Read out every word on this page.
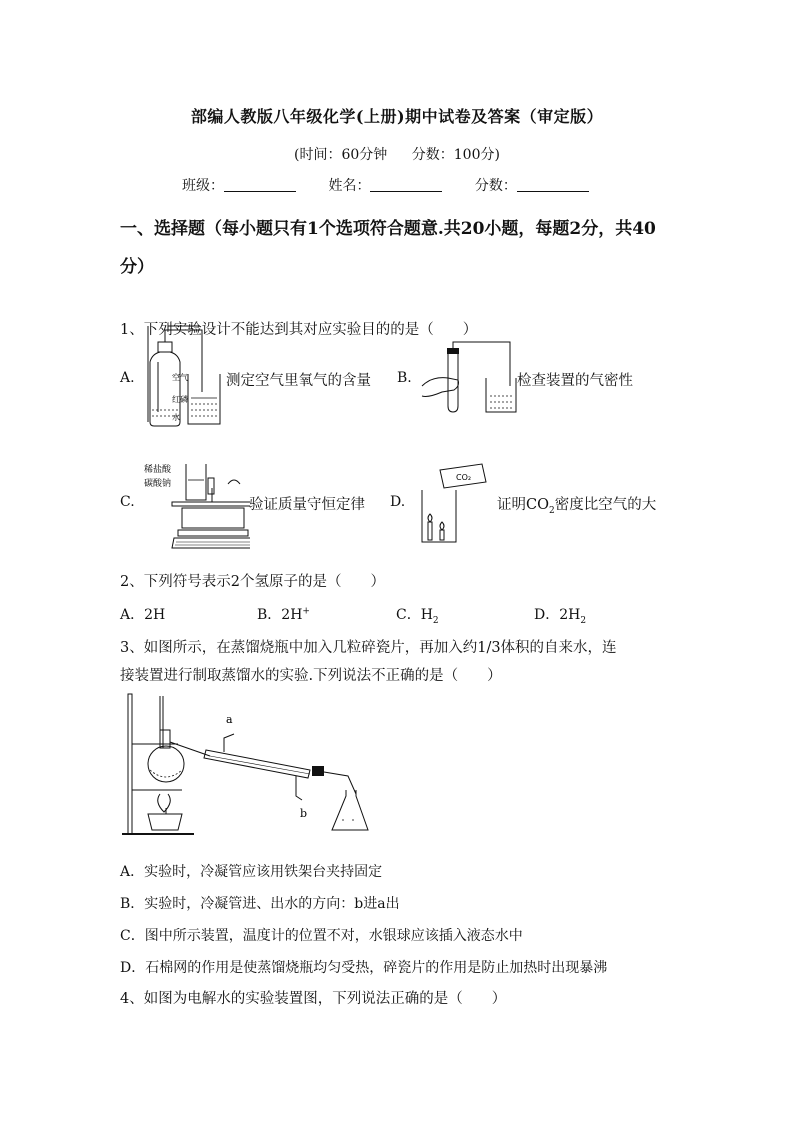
部编人教版八年级化学(上册)期中试卷及答案（审定版）
(时间：60分钟 分数：100分)
班级：	姓名：	分数：
一、选择题（每小题只有1个选项符合题意.共20小题，每题2分，共40分）
1、下列实验设计不能达到其对应实验目的的是（　　）
A.	空气
红磷
水
测定空气里氧气的含量 B.	检查装置的气密性
C.
稀盐酸
碳酸钠
验证质量守恒定律 D.
CO₂
证明$CO_2$密度比空气的大
2、下列符号表示2个氢原子的是（　　）
A．2H	B．2H+	C．$H_2$	D．$2H_2$
3、如图所示，在蒸馏烧瓶中加入几粒碎瓷片，再加入约1/3体积的自来水，连
接装置进行制取蒸馏水的实验.下列说法不正确的是（　　）
a
b
A．实验时，冷凝管应该用铁架台夹持固定
B．实验时，冷凝管进、出水的方向：b进a出
C．图中所示装置，温度计的位置不对，水银球应该插入液态水中
D．石棉网的作用是使蒸馏烧瓶均匀受热，碎瓷片的作用是防止加热时出现暴沸
4、如图为电解水的实验装置图，下列说法正确的是（　　）
